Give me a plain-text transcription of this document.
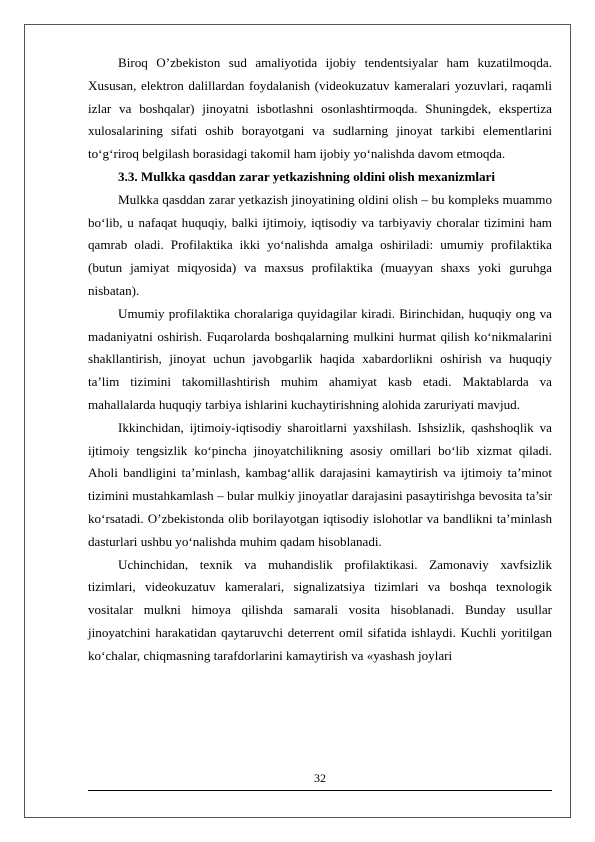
Biroq O’zbekiston sud amaliyotida ijobiy tendentsiyalar ham kuzatilmoqda. Xususan, elektron dalillardan foydalanish (videokuzatuv kameralari yozuvlari, raqamli izlar va boshqalar) jinoyatni isbotlashni osonlashtirmoqda. Shuningdek, ekspertiza xulosalarining sifati oshib borayotgani va sudlarning jinoyat tarkibi elementlarini to‘g‘riroq belgilash borasidagi takomil ham ijobiy yo‘nalishda davom etmoqda.

3.3. Mulkka qasddan zarar yetkazishning oldini olish mexanizmlari

Mulkka qasddan zarar yetkazish jinoyatining oldini olish – bu kompleks muammo bo‘lib, u nafaqat huquqiy, balki ijtimoiy, iqtisodiy va tarbiyaviy choralar tizimini ham qamrab oladi. Profilaktika ikki yo‘nalishda amalga oshiriladi: umumiy profilaktika (butun jamiyat miqyosida) va maxsus profilaktika (muayyan shaxs yoki guruhga nisbatan).

Umumiy profilaktika choralariga quyidagilar kiradi. Birinchidan, huquqiy ong va madaniyatni oshirish. Fuqarolarda boshqalarning mulkini hurmat qilish ko‘nikmalarini shakllantirish, jinoyat uchun javobgarlik haqida xabardorlikni oshirish va huquqiy ta’lim tizimini takomillashtirish muhim ahamiyat kasb etadi. Maktablarda va mahallalarda huquqiy tarbiya ishlarini kuchaytirishning alohida zaruriyati mavjud.

Ikkinchidan, ijtimoiy-iqtisodiy sharoitlarni yaxshilash. Ishsizlik, qashshoqlik va ijtimoiy tengsizlik ko‘pincha jinoyatchilikning asosiy omillari bo‘lib xizmat qiladi. Aholi bandligini ta’minlash, kambag‘allik darajasini kamaytirish va ijtimoiy ta’minot tizimini mustahkamlash – bular mulkiy jinoyatlar darajasini pasaytirishga bevosita ta’sir ko‘rsatadi. O’zbekistonda olib borilayotgan iqtisodiy islohotlar va bandlikni ta’minlash dasturlari ushbu yo‘nalishda muhim qadam hisoblanadi.

Uchinchidan, texnik va muhandislik profilaktikasi. Zamonaviy xavfsizlik tizimlari, videokuzatuv kameralari, signalizatsiya tizimlari va boshqa texnologik vositalar mulkni himoya qilishda samarali vosita hisoblanadi. Bunday usullar jinoyatchini harakatidan qaytaruvchi deterrent omil sifatida ishlaydi. Kuchli yoritilgan ko‘chalar, chiqmasning tarafdorlarini kamaytirish va «yashash joylari

32
